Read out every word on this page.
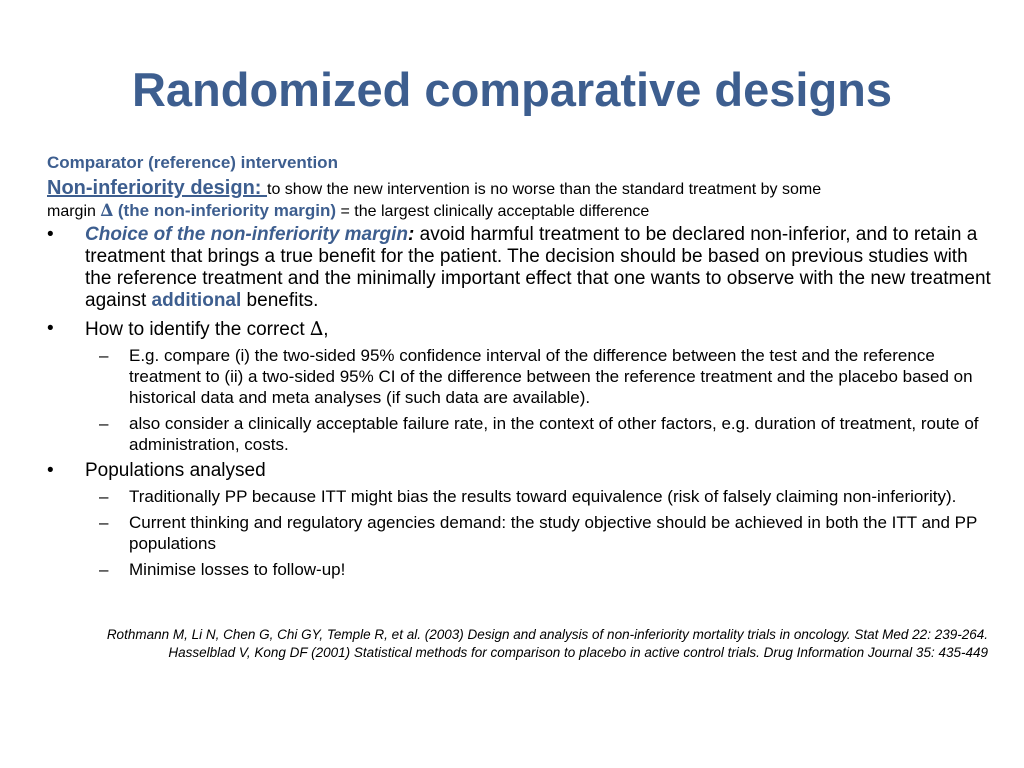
Randomized comparative designs

Comparator (reference) intervention

Non-inferiority design: to show the new intervention is no worse than the standard treatment by some

margin ∆ (the non-inferiority margin) = the largest clinically acceptable difference

• Choice of the non-inferiority margin: avoid harmful treatment to be declared non-inferior, and to retain a treatment that brings a true benefit for the patient. The decision should be based on previous studies with the reference treatment and the minimally important effect that one wants to observe with the new treatment against additional benefits.
• How to identify the correct ∆,
– E.g. compare (i) the two-sided 95% confidence interval of the difference between the test and the reference treatment to (ii) a two-sided 95% CI of the difference between the reference treatment and the placebo based on historical data and meta analyses (if such data are available).
– also consider a clinically acceptable failure rate, in the context of other factors, e.g. duration of treatment, route of administration, costs.
• Populations analysed
– Traditionally PP because ITT might bias the results toward equivalence (risk of falsely claiming non-inferiority).
– Current thinking and regulatory agencies demand: the study objective should be achieved in both the ITT and PP populations
– Minimise losses to follow-up!

Rothmann M, Li N, Chen G, Chi GY, Temple R, et al. (2003) Design and analysis of non-inferiority mortality trials in oncology. Stat Med 22: 239-264.

Hasselblad V, Kong DF (2001) Statistical methods for comparison to placebo in active control trials. Drug Information Journal 35: 435-449
